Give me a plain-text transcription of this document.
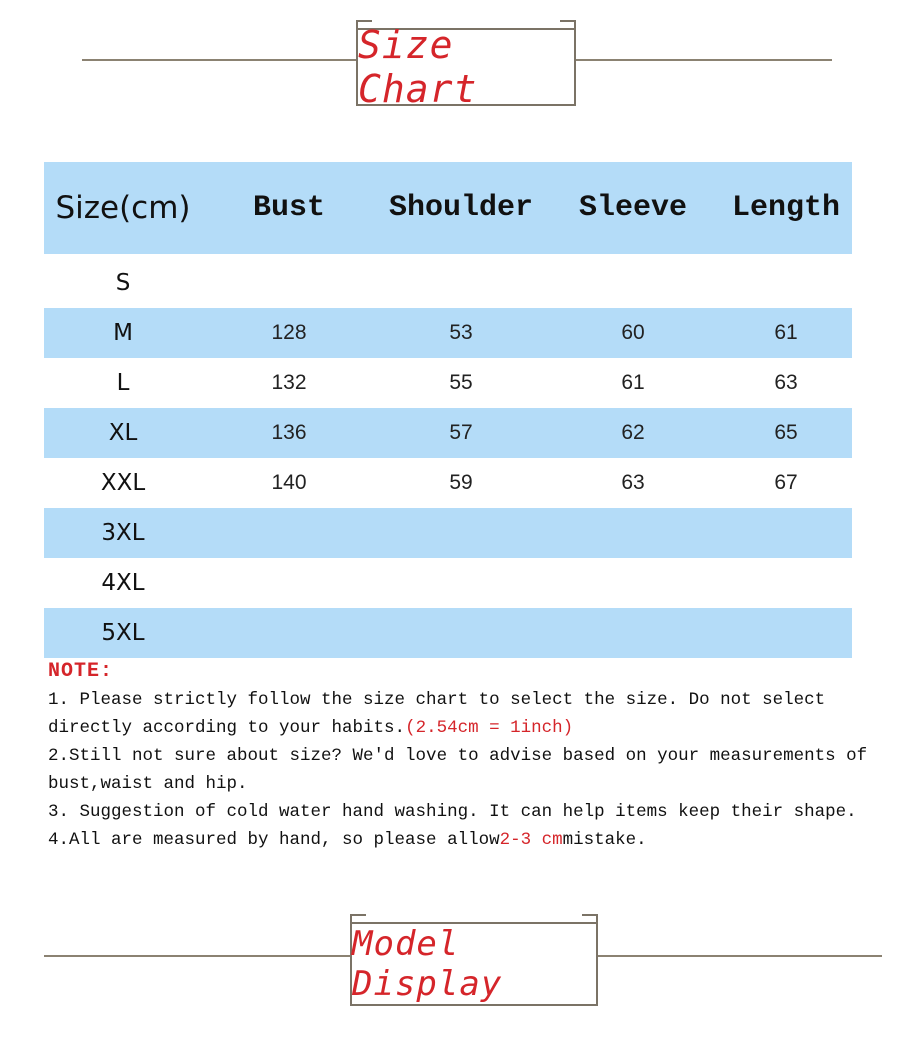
Size Chart
Size(cm)	Bust	Shoulder	Sleeve	Length
S
M	128	53	60	61
L	132	55	61	63
XL	136	57	62	65
XXL	140	59	63	67
3XL
4XL
5XL
NOTE:

1. Please strictly follow the size chart to select the size. Do not select directly according to your habits.(2.54cm = 1inch)

2.Still not sure about size? We'd love to advise based on your measurements of bust,waist and hip.

3. Suggestion of cold water hand washing. It can help items keep their shape.

4.All are measured by hand, so please allow2-3 cmmistake.

Model Display
